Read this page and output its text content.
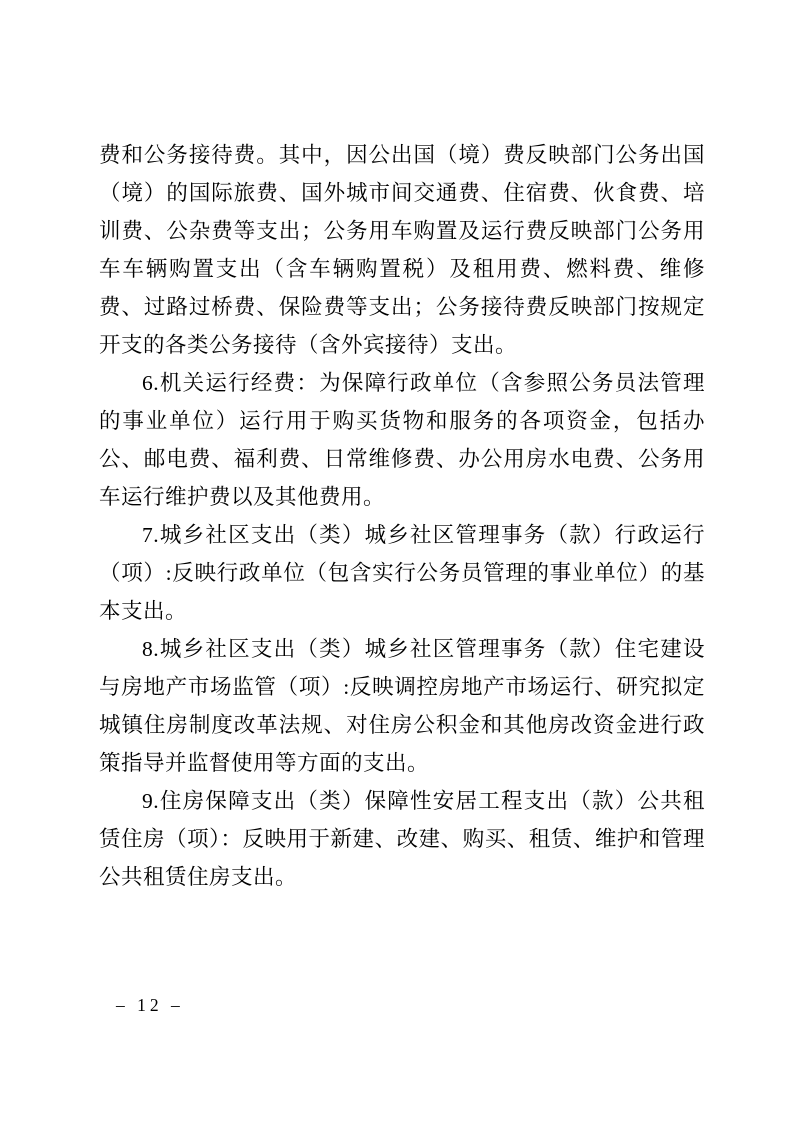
费和公务接待费。其中，因公出国（境）费反映部门公务出国（境）的国际旅费、国外城市间交通费、住宿费、伙食费、培训费、公杂费等支出；公务用车购置及运行费反映部门公务用车车辆购置支出（含车辆购置税）及租用费、燃料费、维修费、过路过桥费、保险费等支出；公务接待费反映部门按规定开支的各类公务接待（含外宾接待）支出。

6.机关运行经费：为保障行政单位（含参照公务员法管理的事业单位）运行用于购买货物和服务的各项资金，包括办公、邮电费、福利费、日常维修费、办公用房水电费、公务用车运行维护费以及其他费用。

7.城乡社区支出（类）城乡社区管理事务（款）行政运行（项）:反映行政单位（包含实行公务员管理的事业单位）的基本支出。

8.城乡社区支出（类）城乡社区管理事务（款）住宅建设与房地产市场监管（项）:反映调控房地产市场运行、研究拟定城镇住房制度改革法规、对住房公积金和其他房改资金进行政策指导并监督使用等方面的支出。

9.住房保障支出（类）保障性安居工程支出（款）公共租赁住房（项）：反映用于新建、改建、购买、租赁、维护和管理公共租赁住房支出。

– 12 –
